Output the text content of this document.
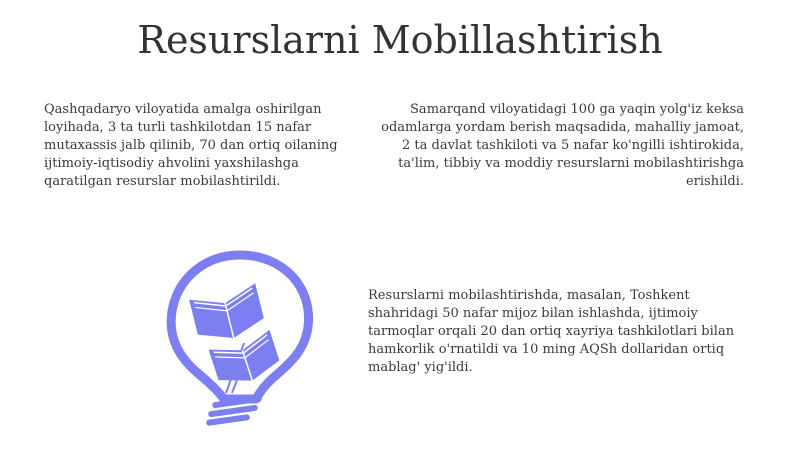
Resurslarni Mobillashtirish

Qashqadaryo viloyatida amalga oshirilgan loyihada, 3 ta turli tashkilotdan 15 nafar mutaxassis jalb qilinib, 70 dan ortiq oilaning ijtimoiy-iqtisodiy ahvolini yaxshilashga qaratilgan resurslar mobilashtirildi.

Samarqand viloyatidagi 100 ga yaqin yolg'iz keksa odamlarga yordam berish maqsadida, mahalliy jamoat, 2 ta davlat tashkiloti va 5 nafar ko'ngilli ishtirokida, ta'lim, tibbiy va moddiy resurslarni mobilashtirishga erishildi.

Resurslarni mobilashtirishda, masalan, Toshkent shahridagi 50 nafar mijoz bilan ishlashda, ijtimoiy tarmoqlar orqali 20 dan ortiq xayriya tashkilotlari bilan hamkorlik o'rnatildi va 10 ming AQSh dollaridan ortiq mablag' yig'ildi.
